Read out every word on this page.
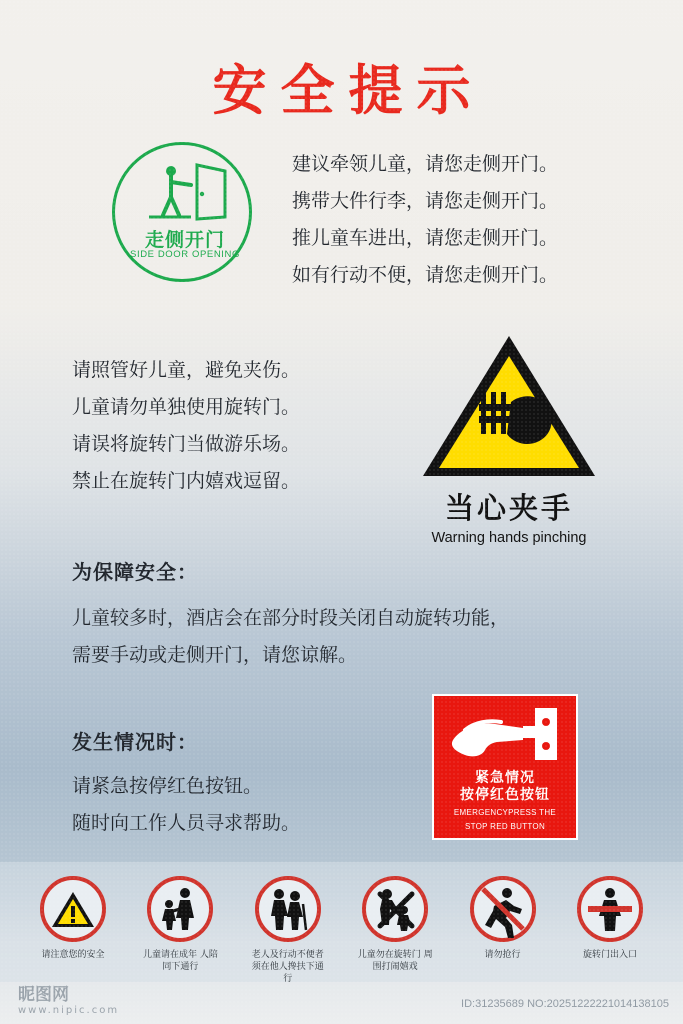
安全提示
走侧开门
SIDE DOOR OPENING
建议牵领儿童，请您走侧开门。
携带大件行李，请您走侧开门。
推儿童车进出，请您走侧开门。
如有行动不便，请您走侧开门。
请照管好儿童，避免夹伤。
儿童请勿单独使用旋转门。
请误将旋转门当做游乐场。
禁止在旋转门内嬉戏逗留。
当心夹手
Warning hands pinching
为保障安全：
儿童较多时，酒店会在部分时段关闭自动旋转功能，
需要手动或走侧开门，请您谅解。
发生情况时：
请紧急按停红色按钮。
随时向工作人员寻求帮助。
紧急情况
按停红色按钮
EMERGENCYPRESS THE
STOP RED BUTTON
请注意您的安全	儿童请在成年 人陪同下通行
老人及行动不便者 须在他人搀扶下通行
儿童勿在旋转门 周围打闹嬉戏
请勿抢行	旋转门出入口
昵图网
www.nipic.com
ID:31235689 NO:20251222221014138105
